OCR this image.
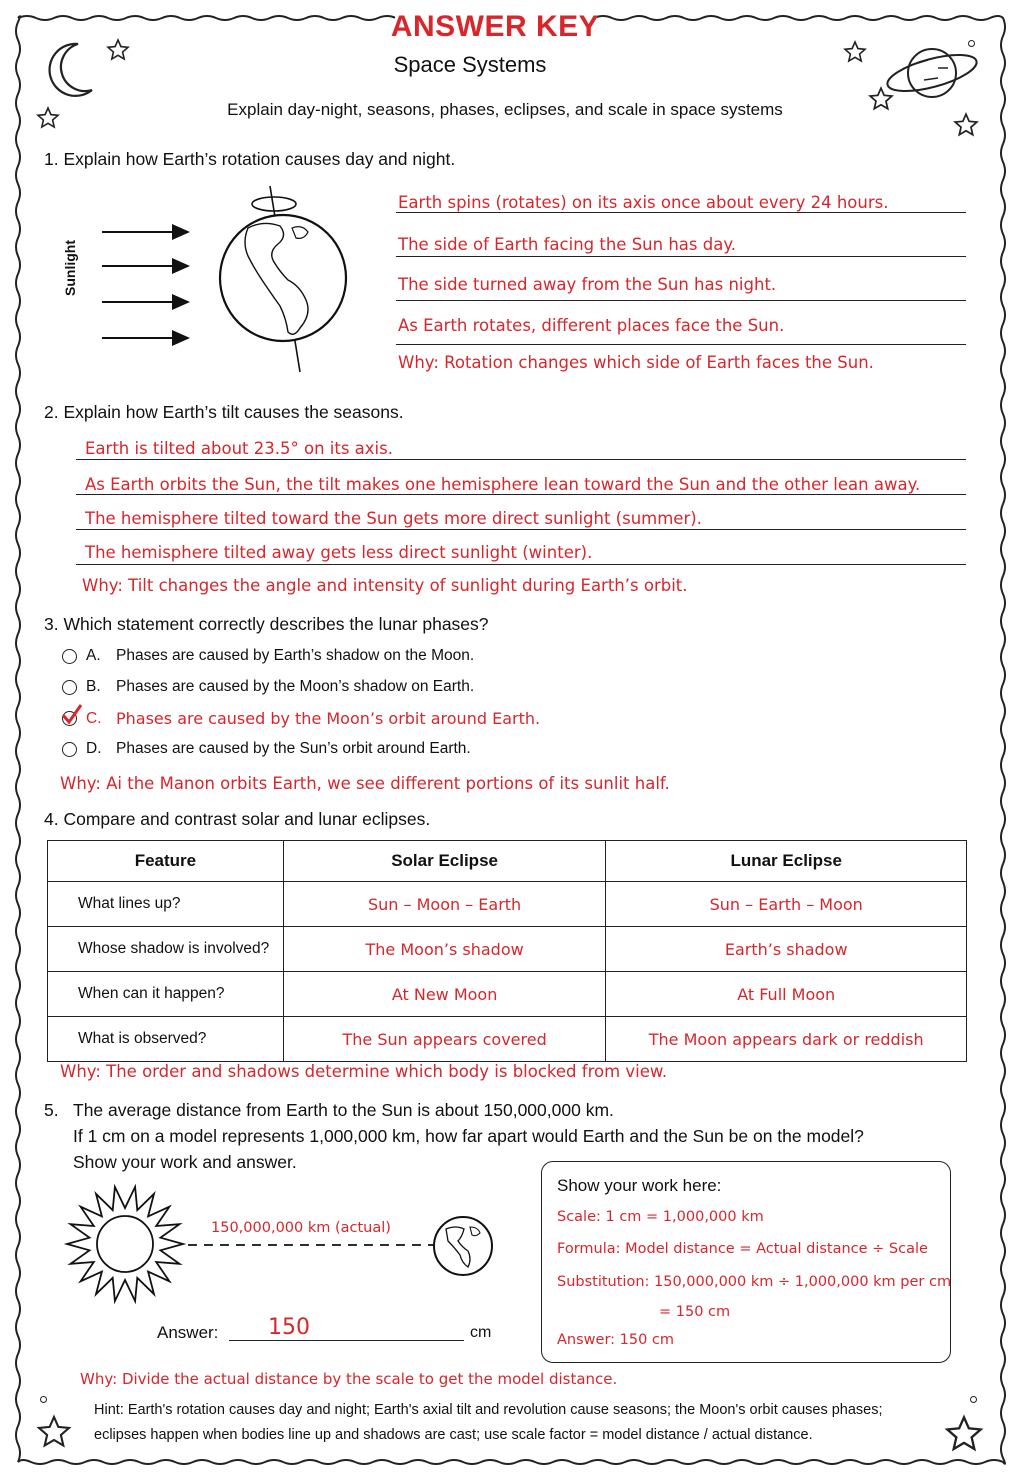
ANSWER KEY
Space Systems
Explain day-night, seasons, phases, eclipses, and scale in space systems
1. Explain how Earth’s rotation causes day and night.
Sunlight
Earth spins (rotates) on its axis once about every 24 hours.
The side of Earth facing the Sun has day.
The side turned away from the Sun has night.
As Earth rotates, different places face the Sun.
Why: Rotation changes which side of Earth faces the Sun.
2. Explain how Earth’s tilt causes the seasons.
Earth is tilted about 23.5° on its axis.
As Earth orbits the Sun, the tilt makes one hemisphere lean toward the Sun and the other lean away.
The hemisphere tilted toward the Sun gets more direct sunlight (summer).
The hemisphere tilted away gets less direct sunlight (winter).
Why: Tilt changes the angle and intensity of sunlight during Earth’s orbit.
3. Which statement correctly describes the lunar phases?
A. Phases are caused by Earth’s shadow on the Moon.
B. Phases are caused by the Moon’s shadow on Earth.
C. Phases are caused by the Moon’s orbit around Earth.
D. Phases are caused by the Sun’s orbit around Earth.
Why: Ai the Manon orbits Earth, we see different portions of its sunlit half.
4. Compare and contrast solar and lunar eclipses.
Feature	Solar Eclipse	Lunar Eclipse
What lines up?	Sun – Moon – Earth	Sun – Earth – Moon
Whose shadow is involved?	The Moon’s shadow	Earth’s shadow
When can it happen?	At New Moon	At Full Moon
What is observed?	The Sun appears covered	The Moon appears dark or reddish
Why: The order and shadows determine which body is blocked from view.
5. The average distance from Earth to the Sun is about 150,000,000 km.
If 1 cm on a model represents 1,000,000 km, how far apart would Earth and the Sun be on the model?
Show your work and answer.
150,000,000 km (actual)
Answer: 150	cm
Show your work here:
Scale: 1 cm = 1,000,000 km
Formula: Model distance = Actual distance ÷ Scale
Substitution: 150,000,000 km ÷ 1,000,000 km per cm
= 150 cm
Answer: 150 cm
Why: Divide the actual distance by the scale to get the model distance.
Hint: Earth's rotation causes day and night; Earth's axial tilt and revolution cause seasons; the Moon's orbit causes phases;
eclipses happen when bodies line up and shadows are cast; use scale factor = model distance / actual distance.
